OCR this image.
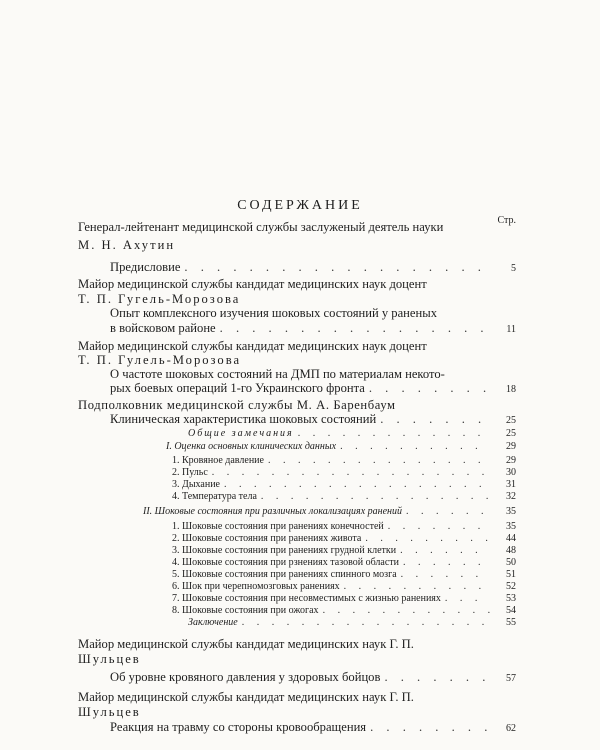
СОДЕРЖАНИЕ
Стр.
Генерал-лейтенант медицинской службы заслуженый деятель науки
М. Н. Ахутин
Предисловие . . .	5
Майор медицинской службы кандидат медицинских наук доцент
Т. П. Гугель-Морозова
Опыт комплексного изучения шоковых состояний у раненых
в войсковом районе . . .	11
Майор медицинской службы кандидат медицинских наук доцент
Т. П. Гулель-Морозова
О частоте шоковых состояний на ДМП по материалам некото-
рых боевых операций 1-го Украинского фронта . . .	18
Подполковник медицинской службы М. А. Баренбаум
Клиническая характеристика шоковых состояний . . .	25
Общие замечания . . .	25
I. Оценка основных клинических данных . . .	29
1. Кровяное давление . . .	29
2. Пульс . . .	30
3. Дыхание . . .	31
4. Температура тела . . .	32
II. Шоковые состояния при различных локализациях ранений . . .	35
1. Шоковые состояния при ранениях конечностей . . .	35
2. Шоковые состояния при ранениях живота . . .	44
3. Шоковые состояния при ранениях грудной клетки . . .	48
4. Шоковые состояния при рзнениях тазовой области . . .	50
5. Шоковые состояния при ранениях спинного мозга . . .	51
6. Шок при черепномозговых ранениях . . .	52
7. Шоковые состояния при несовместимых с жизнью ранениях . . .	53
8. Шоковые состояния при ожогах . . .	54
Заключение . . .	55
Майор медицинской службы кандидат медицинских наук Г. П.
Шульцев
Об уровне кровяного давления у здоровых бойцов . . .	57
Майор медицинской службы кандидат медицинских наук Г. П.
Шульцев
Реакция на травму со стороны кровообращения . . .	62
